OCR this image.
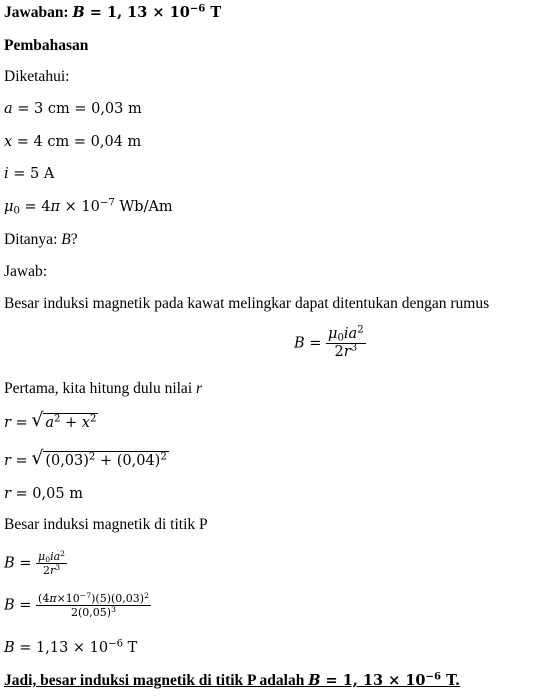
Jawaban: B = 1, $13 \times 10^{-6}$ T
Pembahasan
Diketahui:
a = 3 cm = 0,03 m
x = 4 cm = 0,04 m
i = 5 A
$\mu_0 = 4\pi \times 10^{-7}$ Wb/Am
Ditanya: B?
Jawab:
Besar induksi magnetik pada kawat melingkar dapat ditentukan dengan rumus
$B = \frac{\mu_0ia^2}{2r^3}$
Pertama, kita hitung dulu nilai r
r = √ $a^2 + x^2$
r = √ $(0,03)^2 + (0,04)^2$
r = 0,05 m
Besar induksi magnetik di titik P
$B = \frac{\mu_0ia^2}{2r^3}$
$B = \frac{(4\pi\times 10^{-7})(5)(0,03)^2}{2(0,05)^3}$
$B = 1,13 \times 10^{-6}$ T
Jadi, besar induksi magnetik di titik P adalah B = 1, $13 \times 10^{-6}$ T.
